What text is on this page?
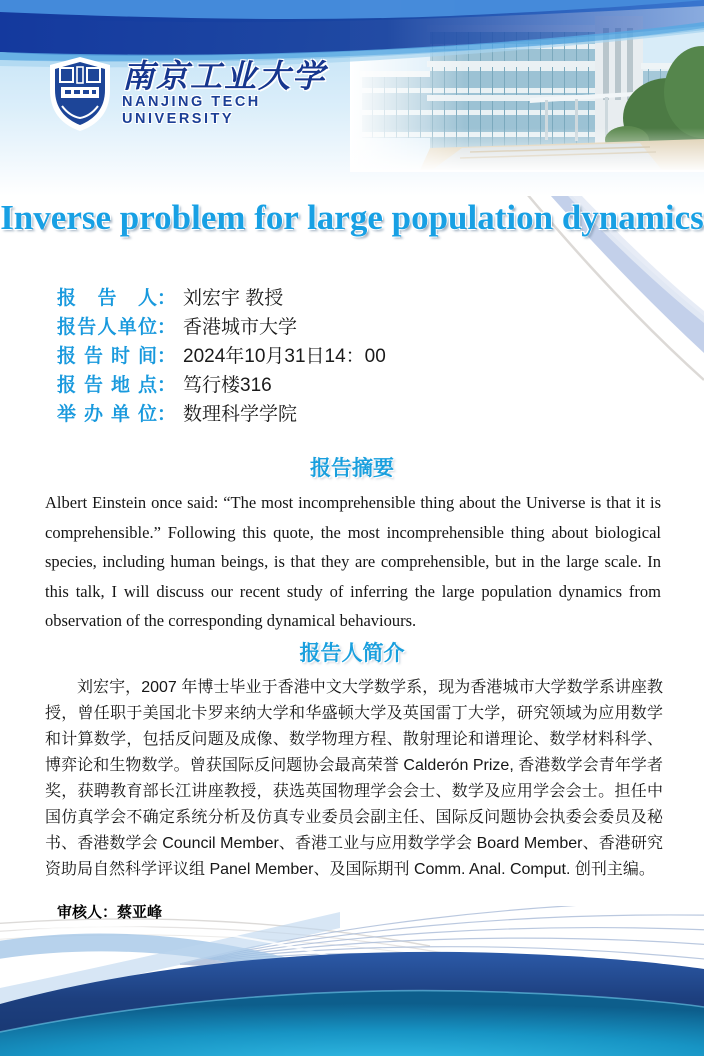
南京工业大学
NANJING TECH
UNIVERSITY
Inverse problem for large population dynamics
报告人 ： 刘宏宇 教授
报告人单位 ： 香港城市大学
报告时间 ： 2024年10月31日14：00
报告地点 ： 笃行楼316
举办单位 ： 数理科学学院
报告摘要
Albert Einstein once said: “The most incomprehensible thing about the Universe is that it is comprehensible.” Following this quote, the most incomprehensible thing about biological species, including human beings, is that they are comprehensible, but in the large scale. In this talk, I will discuss our recent study of inferring the large population dynamics from observation of the corresponding dynamical behaviours.
报告人简介
刘宏宇，2007 年博士毕业于香港中文大学数学系，现为香港城市大学数学系讲座教授，曾任职于美国北卡罗来纳大学和华盛顿大学及英国雷丁大学，研究领域为应用数学和计算数学，包括反问题及成像、数学物理方程、散射理论和谱理论、数学材料科学、博弈论和生物数学。曾获国际反问题协会最高荣誉 Calderón Prize, 香港数学会青年学者奖，获聘教育部长江讲座教授，获选英国物理学会会士、数学及应用学会会士。担任中国仿真学会不确定系统分析及仿真专业委员会副主任、国际反问题协会执委会委员及秘书、香港数学会 Council Member、香港工业与应用数学学会 Board Member、香港研究资助局自然科学评议组 Panel Member、及国际期刊 Comm. Anal. Comput. 创刊主编。
审核人：蔡亚峰
